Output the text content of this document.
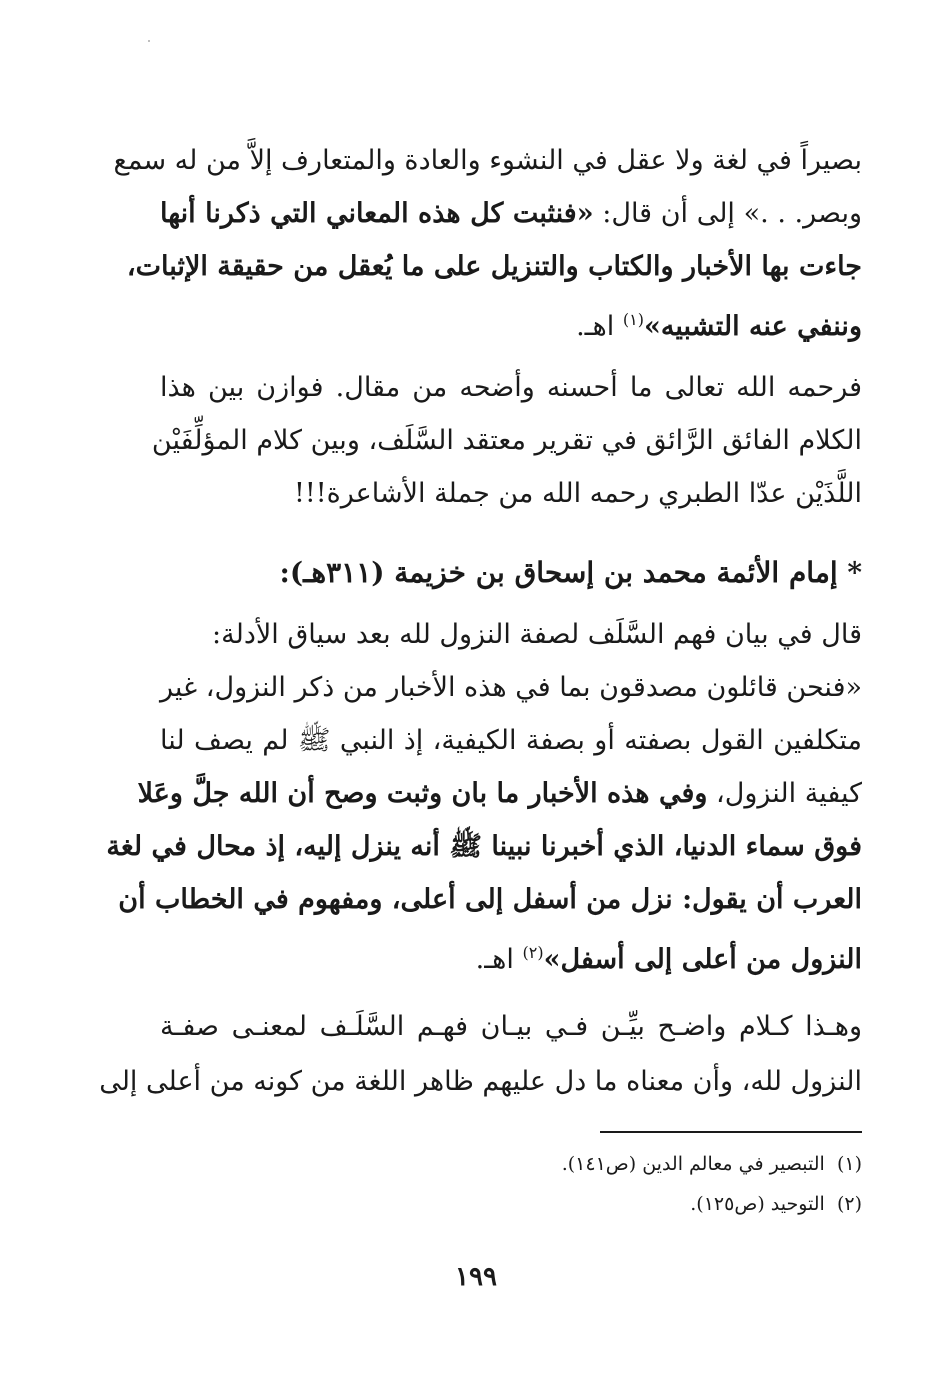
بصيراً في لغة ولا عقل في النشوء والعادة والمتعارف إلاَّ من له سمع
وبصر. . .» إلى أن قال: «فنثبت كل هذه المعاني التي ذكرنا أنها
جاءت بها الأخبار والكتاب والتنزيل على ما يُعقل من حقيقة الإثبات،
وننفي عنه التشبيه»$^{(١)}$ اهـ.
فرحمه الله تعالى ما أحسنه وأضحه من مقال. فوازن بين هذا
الكلام الفائق الرَّائق في تقرير معتقد السَّلَف، وبين كلام المؤلِّفَيْن
اللَّذَيْن عدّا الطبري رحمه الله من جملة الأشاعرة!!!
* إمام الأئمة محمد بن إسحاق بن خزيمة (٣١١هـ):
قال في بيان فهم السَّلَف لصفة النزول لله بعد سياق الأدلة:
«فنحن قائلون مصدقون بما في هذه الأخبار من ذكر النزول، غير
متكلفين القول بصفته أو بصفة الكيفية، إذ النبي ﷺ لم يصف لنا
كيفية النزول، وفي هذه الأخبار ما بان وثبت وصح أن الله جلَّ وعَلا
فوق سماء الدنيا، الذي أخبرنا نبينا ﷺ أنه ينزل إليه، إذ محال في لغة
العرب أن يقول: نزل من أسفل إلى أعلى، ومفهوم في الخطاب أن
النزول من أعلى إلى أسفل»$^{(٢)}$ اهـ.
وهـذا كـلام واضـح بيِّـن فـي بيـان فهـم السَّلَـف لمعنـى صفـة
النزول لله، وأن معناه ما دل عليهم ظاهر اللغة من كونه من أعلى إلى
(١)  التبصير في معالم الدين (ص١٤١).
(٢)  التوحيد (ص١٢٥).
١٩٩
